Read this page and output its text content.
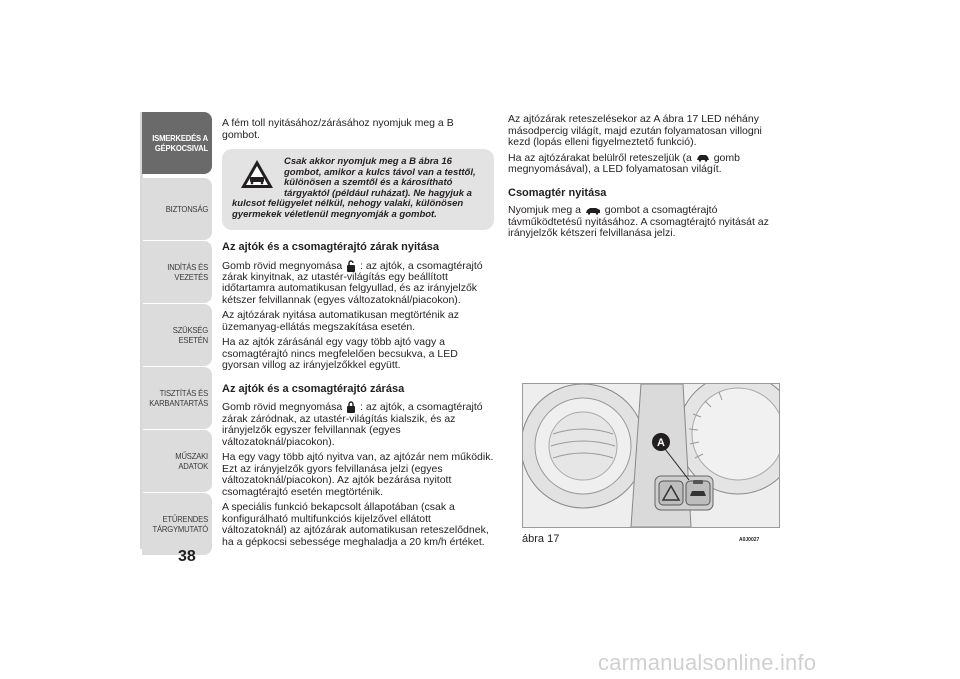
ISMERKEDÉS A GÉPKOCSIVAL
BIZTONSÁG
INDÍTÁS ÉS VEZETÉS
SZÜKSÉG ESETÉN
TISZTÍTÁS ÉS KARBANTARTÁS
MŰSZAKI ADATOK
ETŰRENDES TÁRGYMUTATÓ
38

A fém toll nyitásához/zárásához nyomjuk meg a B gombot.

Csak akkor nyomjuk meg a B ábra 16 gombot, amikor a kulcs távol van a testtől, különösen a szemtől és a károsítható tárgyaktól (például ruházat). Ne hagyjuk a kulcsot felügyelet nélkül, nehogy valaki, különösen gyermekek véletlenül megnyomják a gombot.
Az ajtók és a csomagtérajtó zárak nyitása

Gomb rövid megnyomása : az ajtók, a csomagtérajtó zárak kinyitnak, az utastér-világítás egy beállított időtartamra automatikusan felgyullad, és az irányjelzők kétszer felvillannak (egyes változatoknál/piacokon).

Az ajtózárak nyitása automatikusan megtörténik az üzemanyag-ellátás megszakítása esetén.

Ha az ajtók zárásánál egy vagy több ajtó vagy a csomagtérajtó nincs megfelelően becsukva, a LED gyorsan villog az irányjelzőkkel együtt.

Az ajtók és a csomagtérajtó zárása

Gomb rövid megnyomása : az ajtók, a csomagtérajtó zárak záródnak, az utastér-világítás kialszik, és az irányjelzők egyszer felvillannak (egyes változatoknál/piacokon).

Ha egy vagy több ajtó nyitva van, az ajtózár nem működik. Ezt az irányjelzők gyors felvillanása jelzi (egyes változatoknál/piacokon). Az ajtók bezárása nyitott csomagtérajtó esetén megtörténik.

A speciális funkció bekapcsolt állapotában (csak a konfigurálható multifunkciós kijelzővel ellátott változatoknál) az ajtózárak automatikusan reteszelődnek, ha a gépkocsi sebessége meghaladja a 20 km/h értéket.

Az ajtózárak reteszelésekor az A ábra 17 LED néhány másodpercig világít, majd ezután folyamatosan villogni kezd (lopás elleni figyelmeztető funkció).

Ha az ajtózárakat belülről reteszeljük (a gomb megnyomásával), a LED folyamatosan világít.

Csomagtér nyitása

Nyomjuk meg a gombot a csomagtérajtó távműködtetésű nyitásához. A csomagtérajtó nyitását az irányjelzők kétszeri felvillanása jelzi.

A
ábra 17	A0J0027
carmanualsonline.info
